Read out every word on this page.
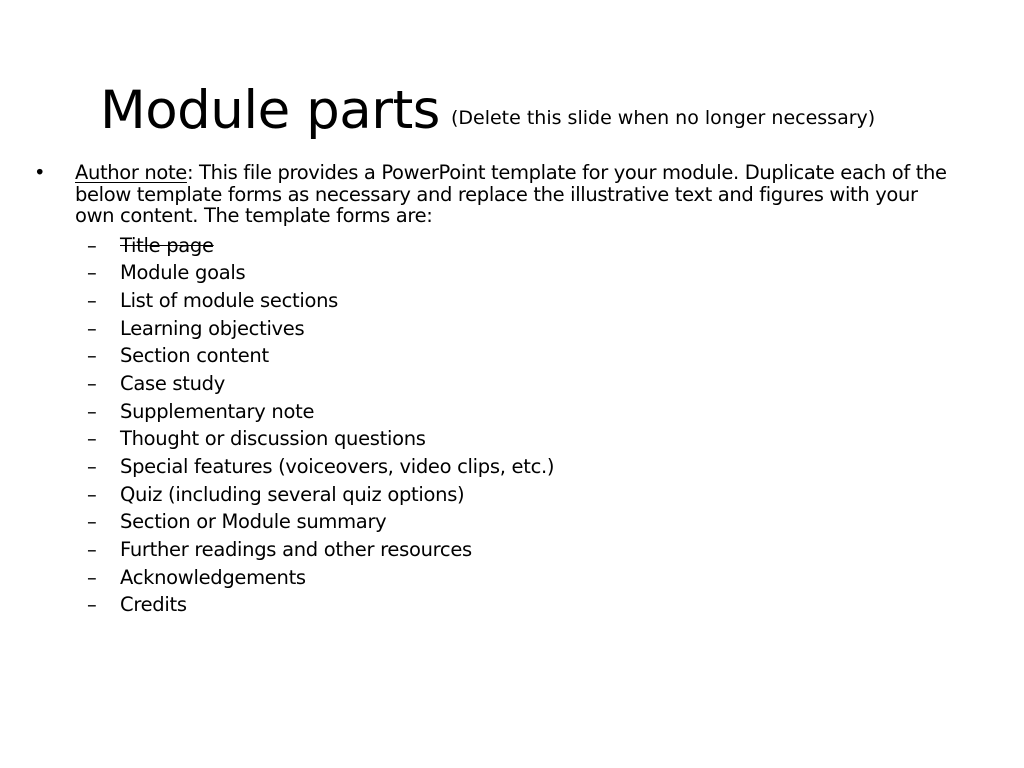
Module parts (Delete this slide when no longer necessary)
• Author note: This file provides a PowerPoint template for your module. Duplicate each of the below template forms as necessary and replace the illustrative text and figures with your own content. The template forms are:
– Title page
– Module goals
– List of module sections
– Learning objectives
– Section content
– Case study
– Supplementary note
– Thought or discussion questions
– Special features (voiceovers, video clips, etc.)
– Quiz (including several quiz options)
– Section or Module summary
– Further readings and other resources
– Acknowledgements
– Credits
